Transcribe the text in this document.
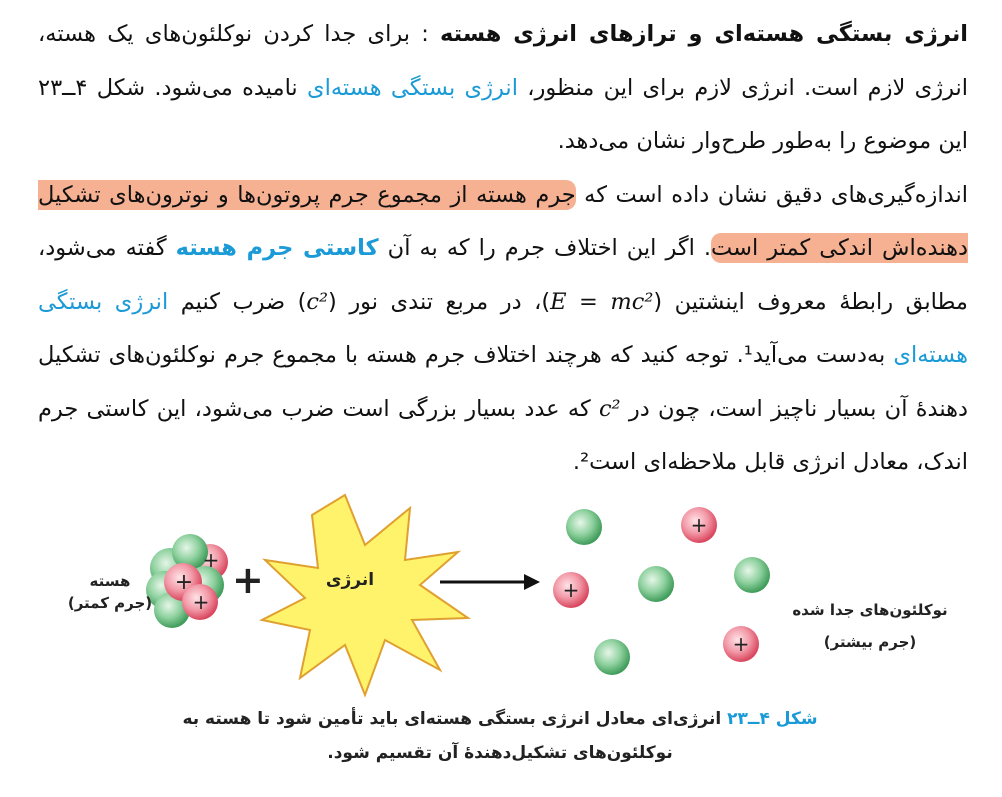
انرژی بستگی هسته‌ای و ترازهای انرژی هسته : برای جدا کردن نوکلئون‌های یک هسته، انرژی لازم است. انرژی لازم برای این منظور، انرژی بستگی هسته‌ای نامیده می‌شود. شکل ۴ــ۲۳ این موضوع را به‌طور طرح‌وار نشان می‌دهد.

اندازه‌گیری‌های دقیق نشان داده است که جرم هسته از مجموع جرم پروتون‌ها و نوترون‌های تشکیل دهنده‌اش اندکی کمتر است. اگر این اختلاف جرم را که به آن کاستی جرم هسته گفته می‌شود، مطابق رابطهٔ معروف اینشتین (E = mc²)، در مربع تندی نور (c²) ضرب کنیم انرژی بستگی هسته‌ای به‌دست می‌آید¹. توجه کنید که هرچند اختلاف جرم هسته با مجموع جرم نوکلئون‌های تشکیل دهندهٔ آن بسیار ناچیز است، چون در c² که عدد بسیار بزرگی است ضرب می‌شود، این کاستی جرم اندک، معادل انرژی قابل ملاحظه‌ای است².

+
+
+
+
+
+
هسته
(جرم کمتر)
+	انرژی
نوکلئون‌های جدا شده
(جرم بیشتر)
شکل ۴ــ۲۳ انرژی‌ای معادل انرژی بستگی هسته‌ای باید تأمین شود تا هسته به نوکلئون‌های تشکیل‌دهندهٔ آن تقسیم شود.
